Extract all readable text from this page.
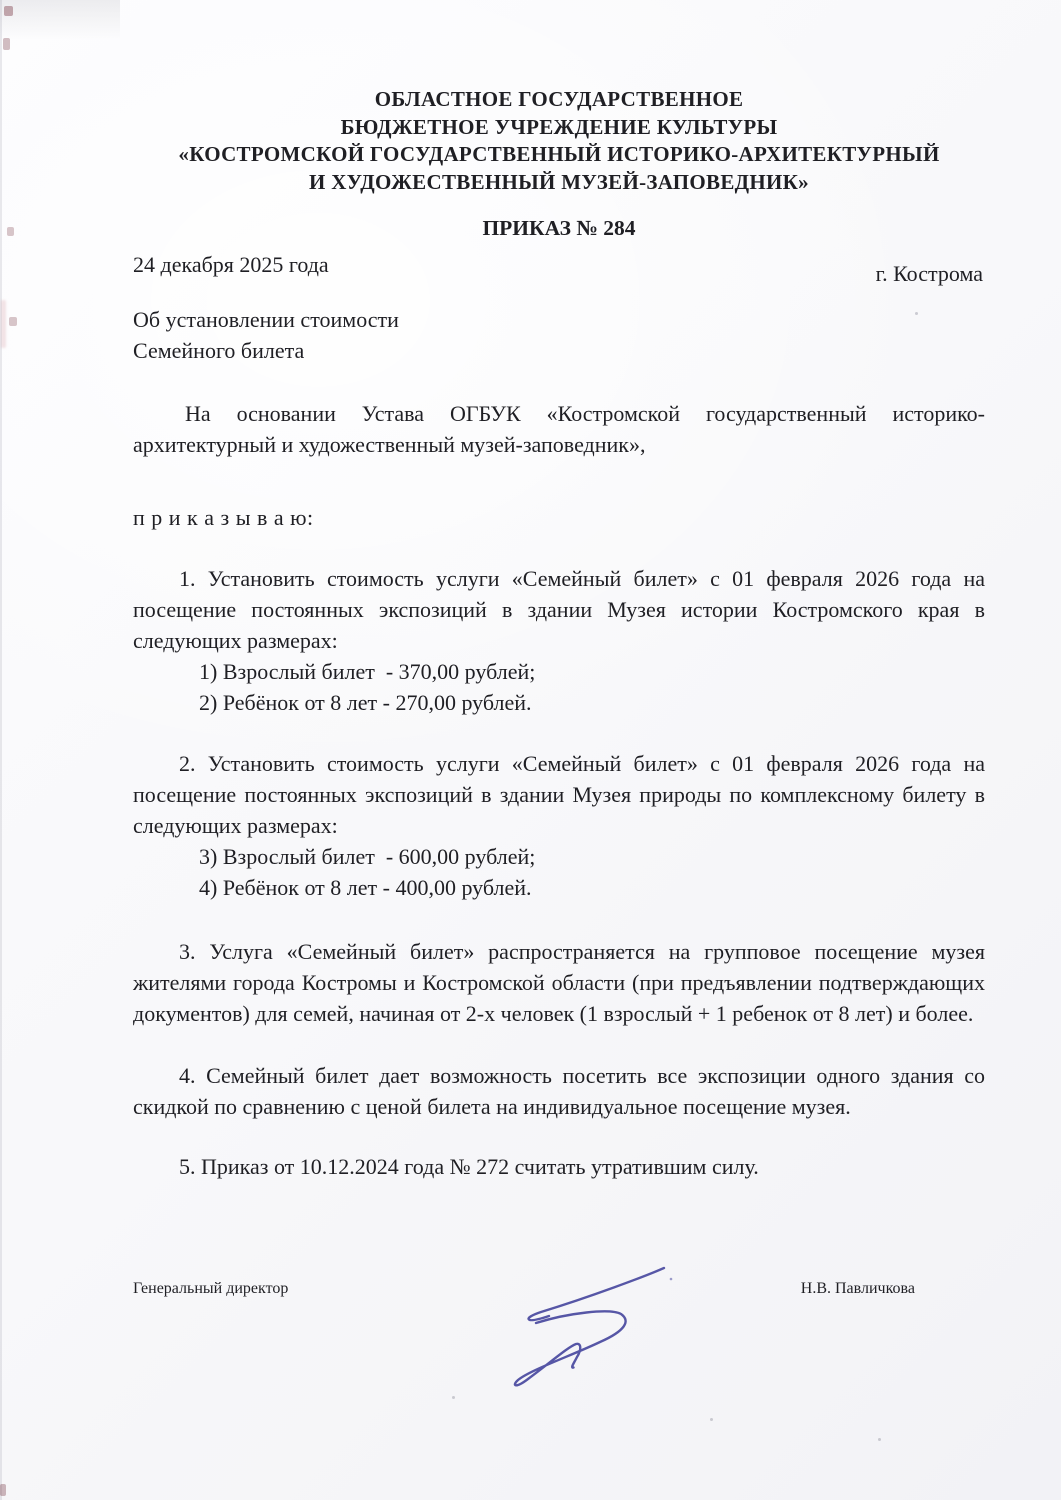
ОБЛАСТНОЕ ГОСУДАРСТВЕННОЕ
БЮДЖЕТНОЕ УЧРЕЖДЕНИЕ КУЛЬТУРЫ
«КОСТРОМСКОЙ ГОСУДАРСТВЕННЫЙ ИСТОРИКО-АРХИТЕКТУРНЫЙ
И ХУДОЖЕСТВЕННЫЙ МУЗЕЙ-ЗАПОВЕДНИК»
ПРИКАЗ № 284
24 декабря 2025 года	г. Кострома
Об установлении стоимости
Семейного билета
На основании Устава ОГБУК «Костромской государственный историко-архитектурный и художественный музей-заповедник»,
п р и к а з ы в а ю:

1. Установить стоимость услуги «Семейный билет» с 01 февраля 2026 года на посещение постоянных экспозиций в здании Музея истории Костромского края в следующих размерах:

1) Взрослый билет  - 370,00 рублей;
2) Ребёнок от 8 лет - 270,00 рублей.

2. Установить стоимость услуги «Семейный билет» с 01 февраля 2026 года на посещение постоянных экспозиций в здании Музея природы по комплексному билету в следующих размерах:

3) Взрослый билет  - 600,00 рублей;
4) Ребёнок от 8 лет - 400,00 рублей.

3. Услуга «Семейный билет» распространяется на групповое посещение музея жителями города Костромы и Костромской области (при предъявлении подтверждающих документов) для семей, начиная от 2-х человек (1 взрослый + 1 ребенок от 8 лет) и более.

4. Семейный билет дает возможность посетить все экспозиции одного здания со скидкой по сравнению с ценой билета на индивидуальное посещение музея.

5. Приказ от 10.12.2024 года № 272 считать утратившим силу.

Генеральный директор	Н.В. Павличкова
